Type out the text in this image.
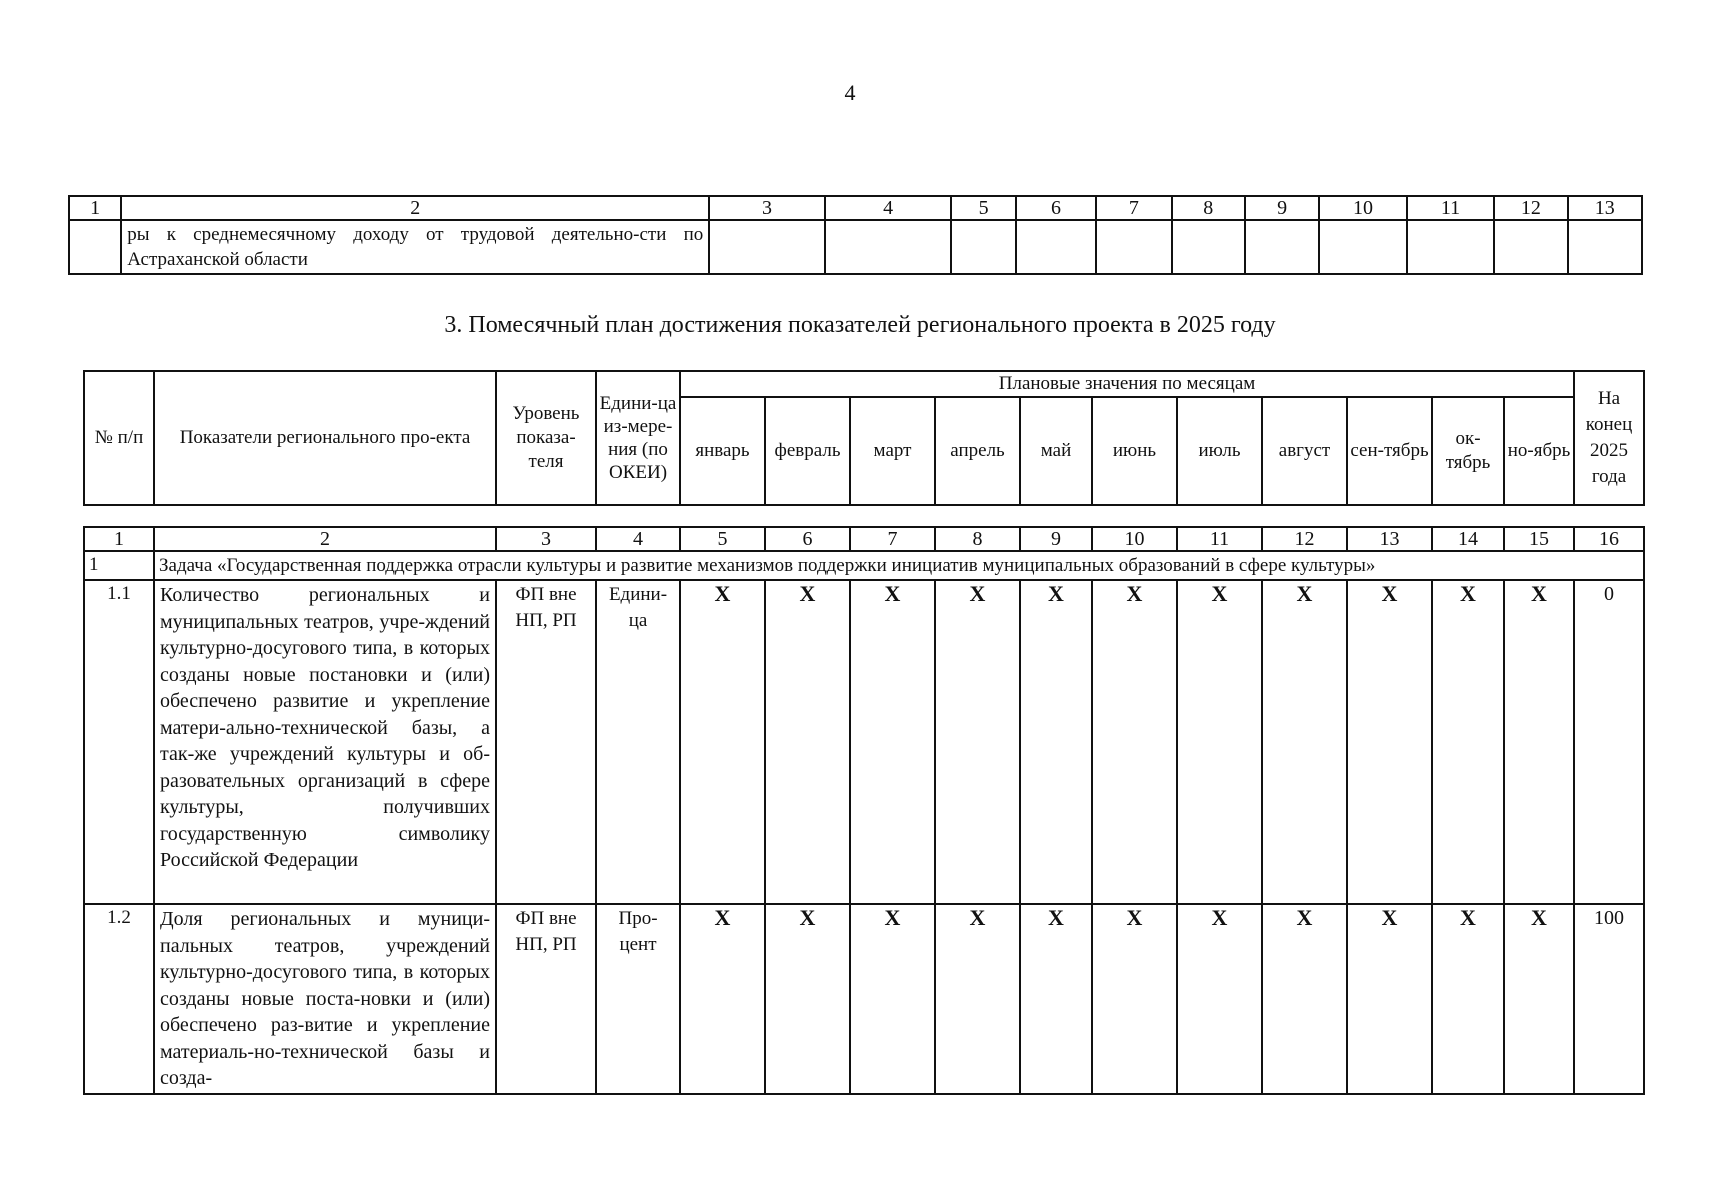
4
1	2	3	4	5	6	7	8	9	10	11	12	13
	ры к среднемесячному доходу от трудовой деятельно-сти по Астраханской области											
3. Помесячный план достижения показателей регионального проекта в 2025 году
№ п/п	Показатели регионального про-екта	Уровень показа-теля	Едини-ца из-мере-ния (по ОКЕИ)	Плановые значения по месяцам											На конец 2025 года
				январь	февраль	март	апрель	май	июнь	июль	август	сен-тябрь	ок-тябрь	но-ябрь	
1	2	3	4	5	6	7	8	9	10	11	12	13	14	15	16
1	Задача «Государственная поддержка отрасли культуры и развитие механизмов поддержки инициатив муниципальных образований в сфере культуры»														
1.1	Количество региональных и муниципальных театров, учре-ждений культурно-досугового типа, в которых созданы новые постановки и (или) обеспечено развитие и укрепление матери-ально-технической базы, а так-же учреждений культуры и об-разовательных организаций в сфере культуры, получивших государственную символику Российской Федерации	ФП вне НП, РП	Едини-ца	X	X	X	X	X	X	X	X	X	X	X	0
1.2	Доля региональных и муници-пальных театров, учреждений культурно-досугового типа, в которых созданы новые поста-новки и (или) обеспечено раз-витие и укрепление материаль-но-технической базы и созда-	ФП вне НП, РП	Про-цент	X	X	X	X	X	X	X	X	X	X	X	100
